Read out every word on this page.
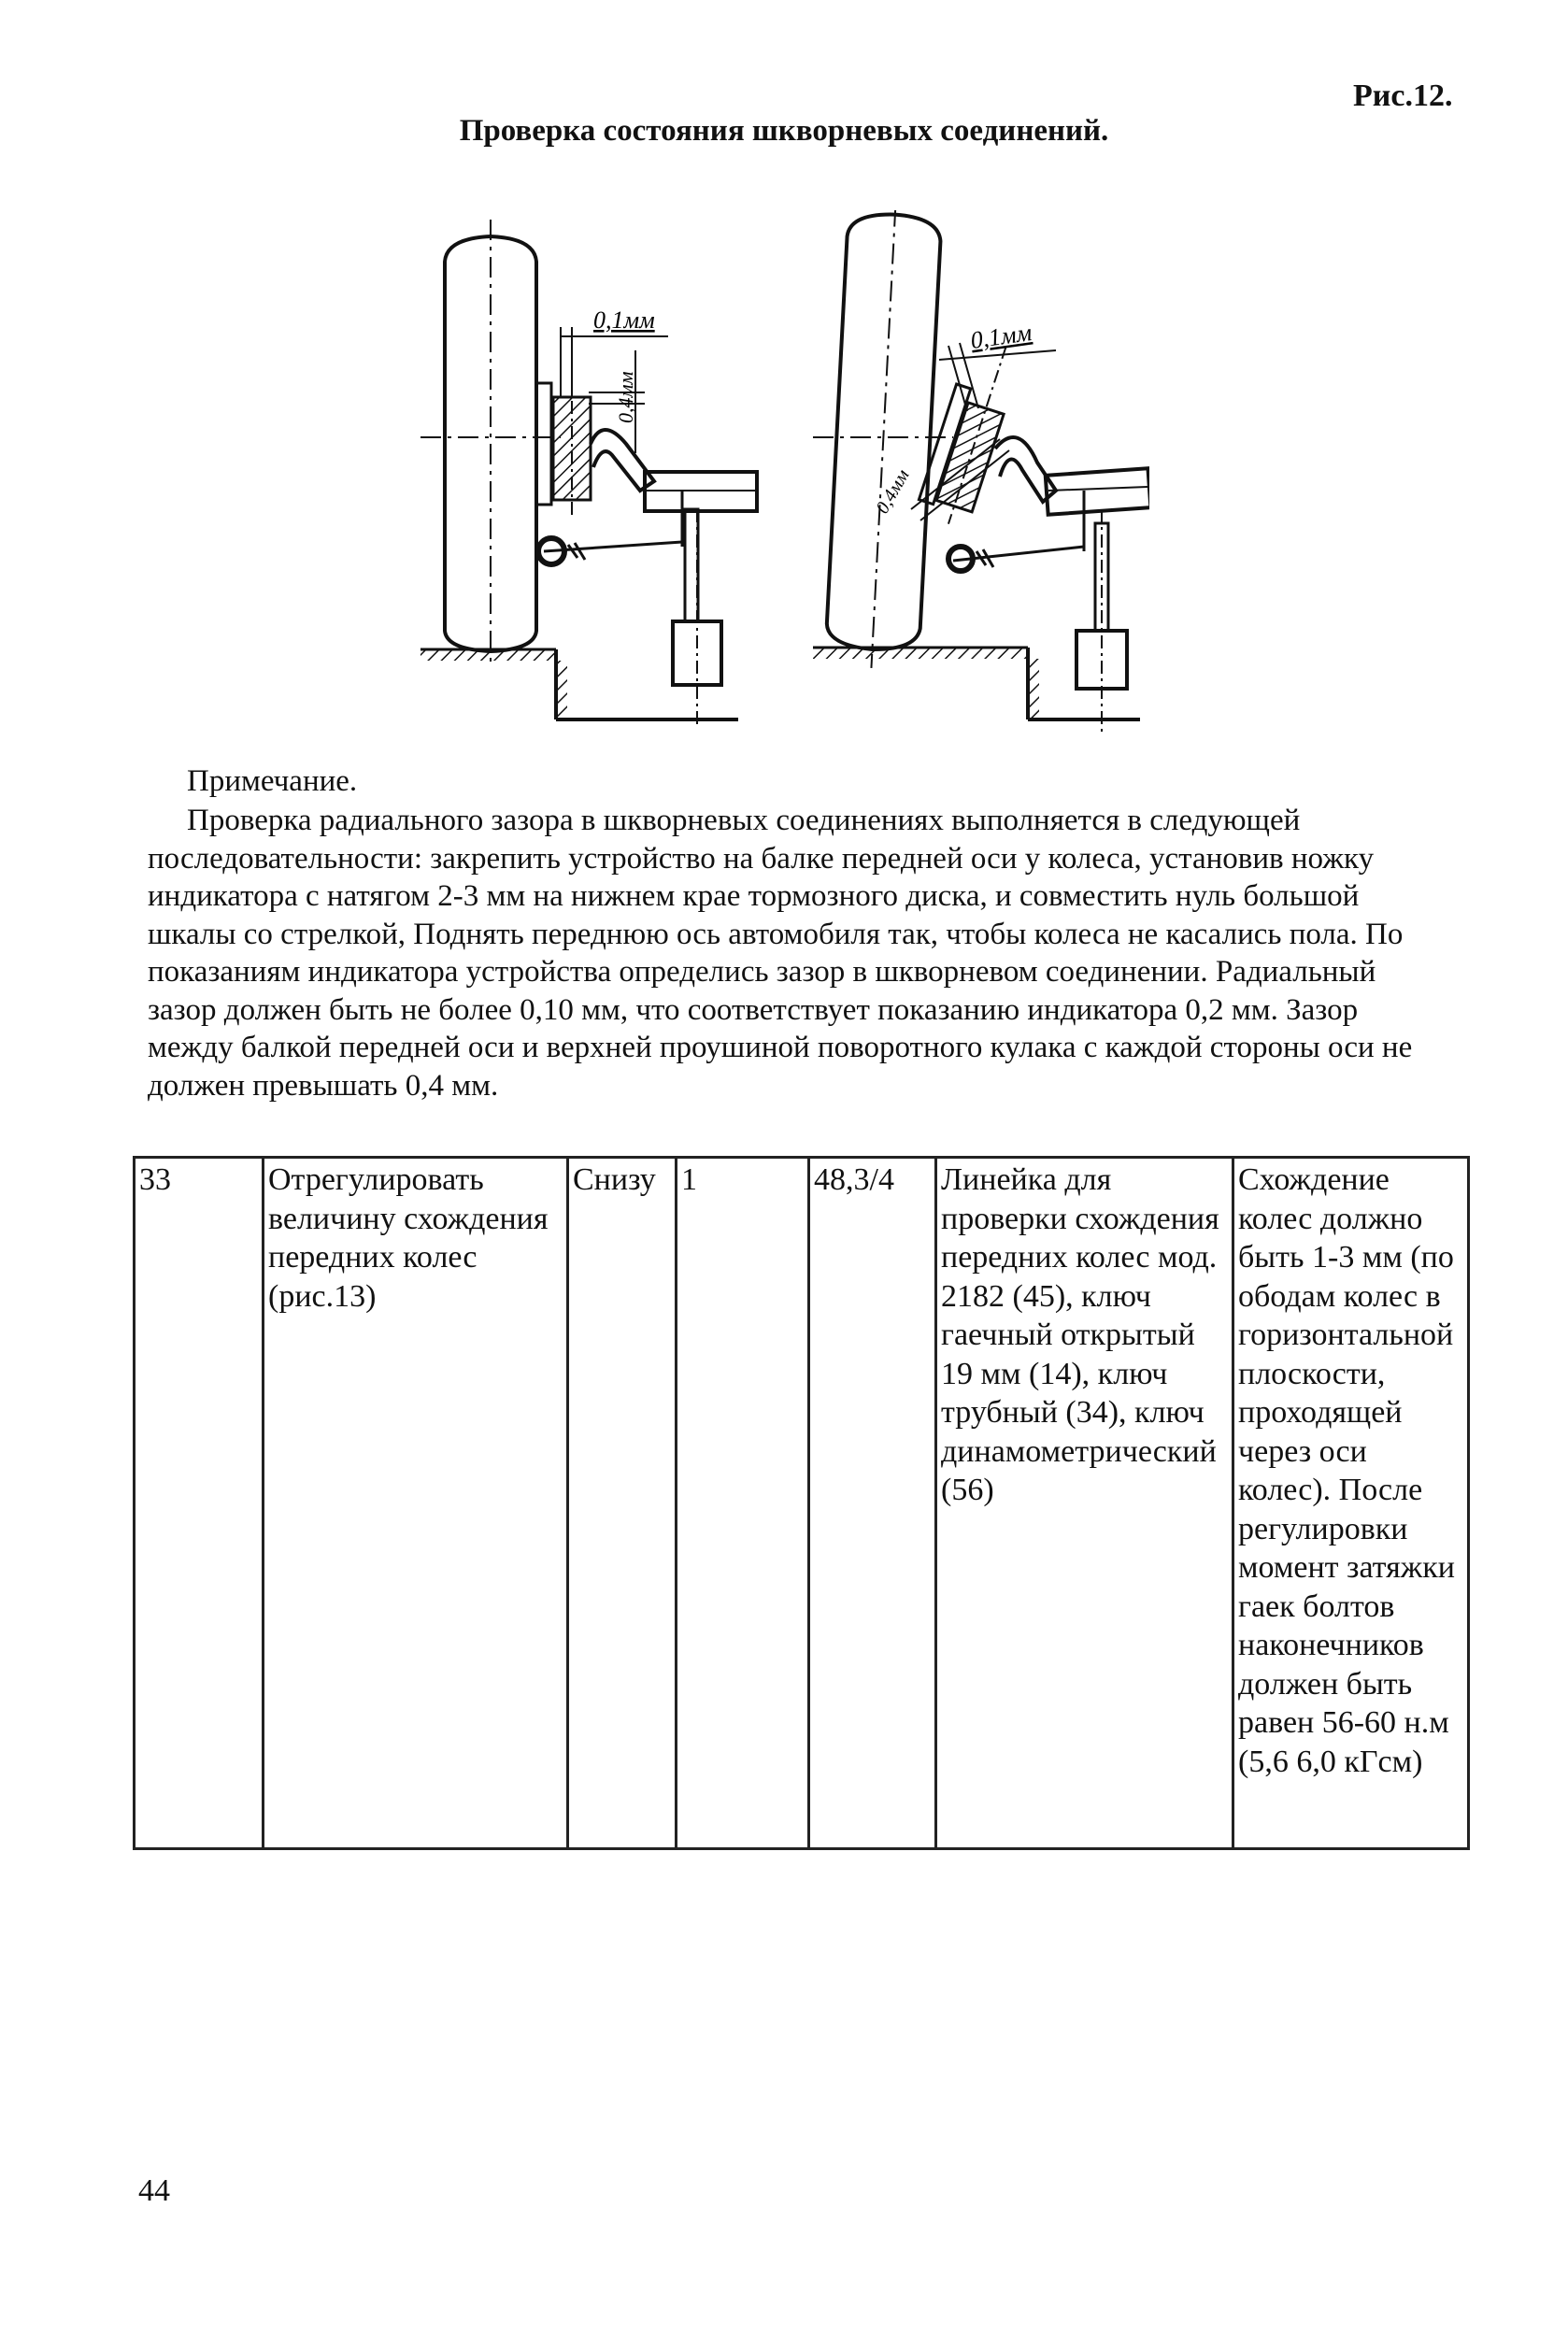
Рис.12.
Проверка состояния шкворневых соединений.
0,1мм
0,4мм
0,1мм
0,4мм
Примечание.
Проверка радиального зазора в шкворневых соединениях выполняется в следующей последовательности: закрепить устройство на балке передней оси у колеса, установив ножку индикатора с натягом 2-3 мм на нижнем крае тормозного диска, и совместить нуль большой шкалы со стрелкой, Поднять переднюю ось автомобиля так, чтобы колеса не касались пола. По показаниям индикатора устройства определись зазор в шкворневом соединении. Радиальный зазор должен быть не более 0,10 мм, что соответствует показанию индикатора 0,2 мм. Зазор между балкой передней оси и верхней проушиной поворотного кулака с каждой стороны оси не должен превышать 0,4 мм.
33	Отрегулировать величину схождения передних колес (рис.13)	Снизу	1	48,3/4	Линейка для проверки схождения передних колес мод. 2182 (45), ключ гаечный открытый 19 мм (14), ключ трубный (34), ключ динамометрический (56)	Схождение колес должно быть 1-3 мм (по ободам колес в горизонтальной плоскости, проходящей через оси колес). После регулировки момент затяжки гаек болтов наконечников должен быть равен 56-60 н.м (5,6 6,0 кГсм)
44
